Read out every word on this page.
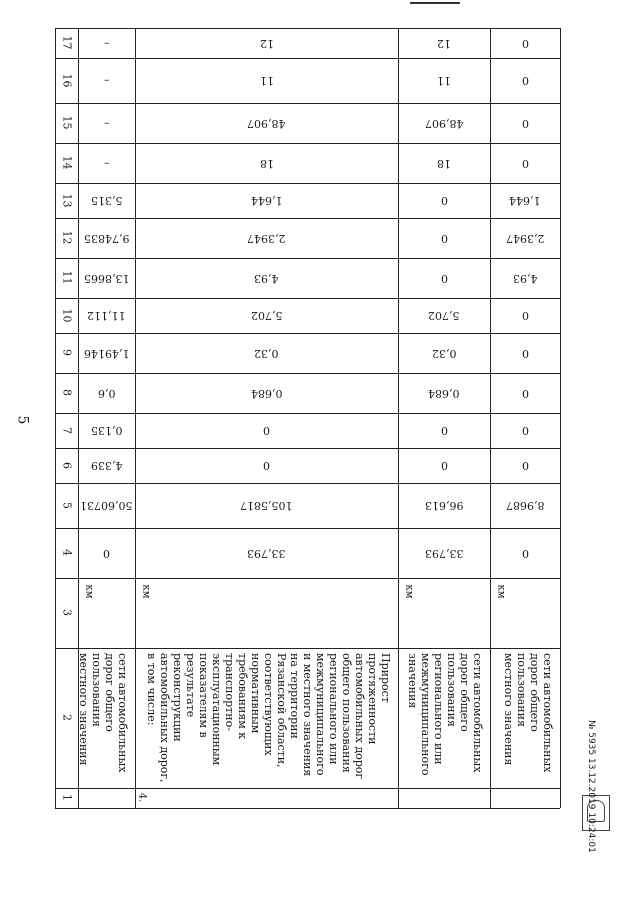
5
17
16
15
14
13
12
11
10
9
8
7
6
5
4
3
2
1
0
50,60731
4,339
0,135
0,6
1,49146
11,112
13,8665
9,74835
5,315
–
–
–
–
км
сети автомобильных дорог общего пользования местного значения
33,793
105,5817
0
0
0,684
0,32
5,702
4,93
2,3947
1,644
18
48,907
11
12
км
Прирост протяженности автомобильных дорог общего пользования регионального или межмуниципального и местного значения на территории Рязанской области, соответствующих нормативным требованиям к транспортно-эксплуатационным показателям в результате реконструкции автомобильных дорог, в том числе:
4.
33,793
96,613
0
0
0,684
0,32
5,702
0
0
0
18
48,907
11
12
км
сети автомобильных дорог общего пользования регионального или межмуниципального значения
0
8,9687
0
0
0
0
0
4,93
2,3947
1,644
0
0
0
0
км
сети автомобильных дорог общего пользования местного значения
№ 5935 13.12.2019 10:24:01
